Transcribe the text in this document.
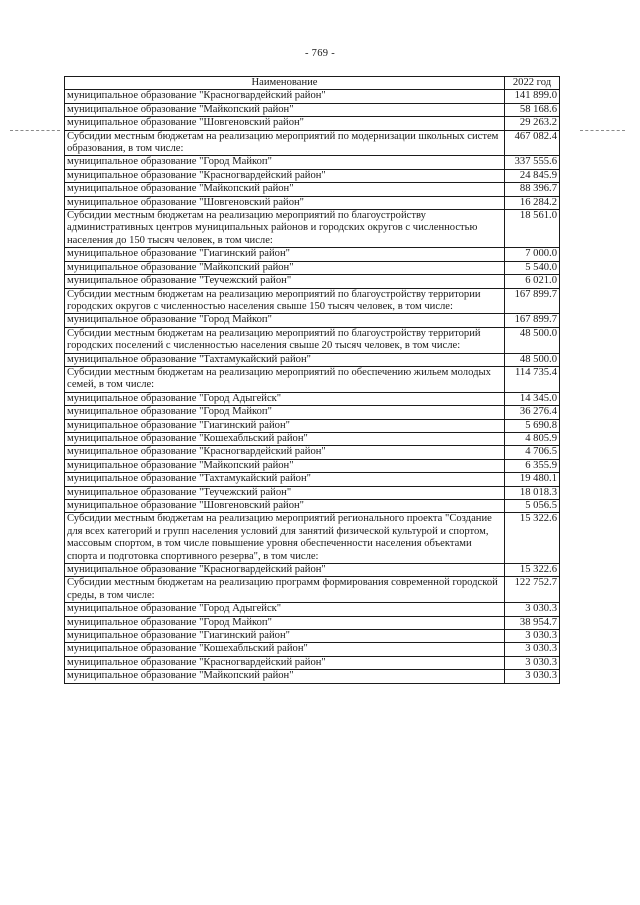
- 769 -
Наименование	2022 год
муниципальное образование "Красногвардейский район"	141 899.0
муниципальное образование "Майкопский район"	58 168.6
муниципальное образование "Шовгеновский район"	29 263.2
Субсидии местным бюджетам на реализацию мероприятий по модернизации школьных систем образования, в том числе:	467 082.4
муниципальное образование "Город Майкоп"	337 555.6
муниципальное образование "Красногвардейский район"	24 845.9
муниципальное образование "Майкопский район"	88 396.7
муниципальное образование "Шовгеновский район"	16 284.2
Субсидии местным бюджетам на реализацию мероприятий по благоустройству административных центров муниципальных районов и городских округов с численностью населения до 150 тысяч человек, в том числе:	18 561.0
муниципальное образование "Гиагинский район"	7 000.0
муниципальное образование "Майкопский район"	5 540.0
муниципальное образование "Теучежский район"	6 021.0
Субсидии местным бюджетам на реализацию мероприятий по благоустройству территории городских округов с численностью населения свыше 150 тысяч человек, в том числе:	167 899.7
муниципальное образование "Город Майкоп"	167 899.7
Субсидии местным бюджетам на реализацию мероприятий по благоустройству территорий городских поселений с численностью населения свыше 20 тысяч человек, в том числе:	48 500.0
муниципальное образование "Тахтамукайский район"	48 500.0
Субсидии местным бюджетам на реализацию мероприятий по обеспечению жильем молодых семей, в том числе:	114 735.4
муниципальное образование "Город Адыгейск"	14 345.0
муниципальное образование "Город Майкоп"	36 276.4
муниципальное образование "Гиагинский район"	5 690.8
муниципальное образование "Кошехабльский район"	4 805.9
муниципальное образование "Красногвардейский район"	4 706.5
муниципальное образование "Майкопский район"	6 355.9
муниципальное образование "Тахтамукайский район"	19 480.1
муниципальное образование "Теучежский район"	18 018.3
муниципальное образование "Шовгеновский район"	5 056.5
Субсидии местным бюджетам на реализацию мероприятий регионального проекта "Создание для всех категорий и групп населения условий для занятий физической культурой и спортом, массовым спортом, в том числе повышение уровня обеспеченности населения объектами спорта и подготовка спортивного резерва", в том числе:	15 322.6
муниципальное образование "Красногвардейский район"	15 322.6
Субсидии местным бюджетам на реализацию программ формирования современной городской среды, в том числе:	122 752.7
муниципальное образование "Город Адыгейск"	3 030.3
муниципальное образование "Город Майкоп"	38 954.7
муниципальное образование "Гиагинский район"	3 030.3
муниципальное образование "Кошехабльский район"	3 030.3
муниципальное образование "Красногвардейский район"	3 030.3
муниципальное образование "Майкопский район"	3 030.3
